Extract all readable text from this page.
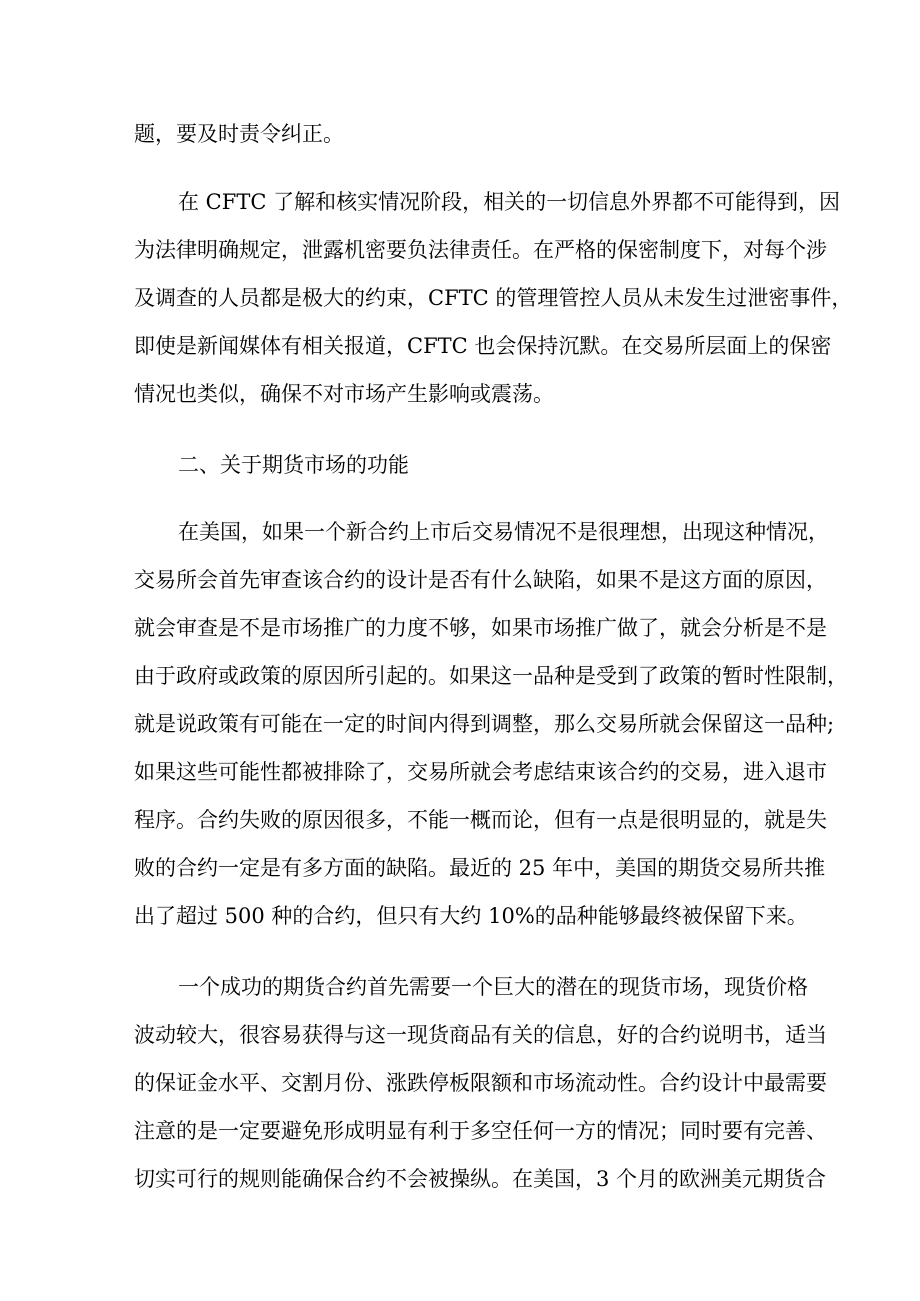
题，要及时责令纠正。
在 CFTC 了解和核实情况阶段，相关的一切信息外界都不可能得到，因
为法律明确规定，泄露机密要负法律责任。在严格的保密制度下，对每个涉
及调查的人员都是极大的约束，CFTC 的管理管控人员从未发生过泄密事件，
即使是新闻媒体有相关报道，CFTC 也会保持沉默。在交易所层面上的保密
情况也类似，确保不对市场产生影响或震荡。
二、关于期货市场的功能
在美国，如果一个新合约上市后交易情况不是很理想，出现这种情况，
交易所会首先审查该合约的设计是否有什么缺陷，如果不是这方面的原因，
就会审查是不是市场推广的力度不够，如果市场推广做了，就会分析是不是
由于政府或政策的原因所引起的。如果这一品种是受到了政策的暂时性限制，
就是说政策有可能在一定的时间内得到调整，那么交易所就会保留这一品种;
如果这些可能性都被排除了，交易所就会考虑结束该合约的交易，进入退市
程序。合约失败的原因很多，不能一概而论，但有一点是很明显的，就是失
败的合约一定是有多方面的缺陷。最近的 25 年中，美国的期货交易所共推
出了超过 500 种的合约，但只有大约 10%的品种能够最终被保留下来。
一个成功的期货合约首先需要一个巨大的潜在的现货市场，现货价格
波动较大，很容易获得与这一现货商品有关的信息，好的合约说明书，适当
的保证金水平、交割月份、涨跌停板限额和市场流动性。合约设计中最需要
注意的是一定要避免形成明显有利于多空任何一方的情况；同时要有完善、
切实可行的规则能确保合约不会被操纵。在美国，3 个月的欧洲美元期货合
